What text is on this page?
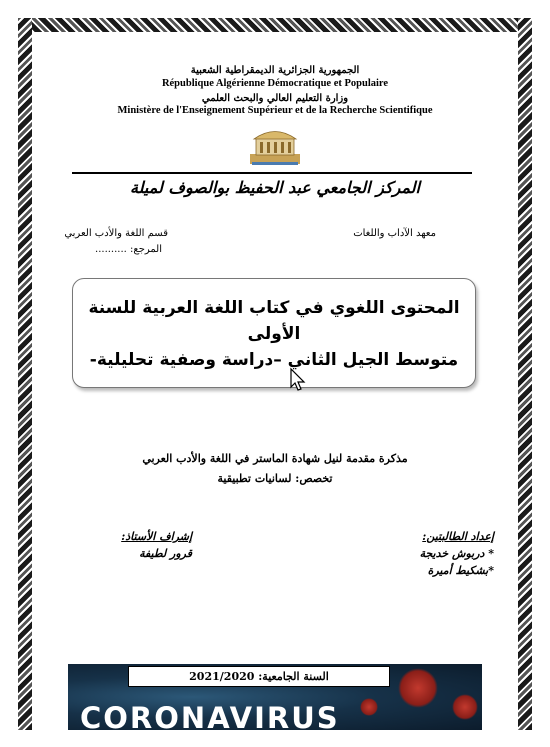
الجمهورية الجزائرية الديمقراطية الشعبية
République Algérienne Démocratique et Populaire
وزارة التعليم العالي والبحث العلمي
Ministère de l'Enseignement Supérieur et de la Recherche Scientifique
المركز الجامعي عبد الحفيظ بوالصوف لميلة
معهد الآداب واللغات
قسم اللغة والأدب العربي
المرجع: ..........
المحتوى اللغوي في كتاب اللغة العربية للسنة الأولى
متوسط الجيل الثاني –دراسة وصفية تحليلية-
مذكرة مقدمة لنيل شهادة الماستر في اللغة والأدب العربي
تخصص: لسانيات تطبيقية
إعداد الطالبتين:
* دربوش خديجة
*بشكيط أميرة
إشراف الأستاذ:
قرور لطيفة
CORONAVIRUS
COVID-19
السنة الجامعية: 2021/2020
